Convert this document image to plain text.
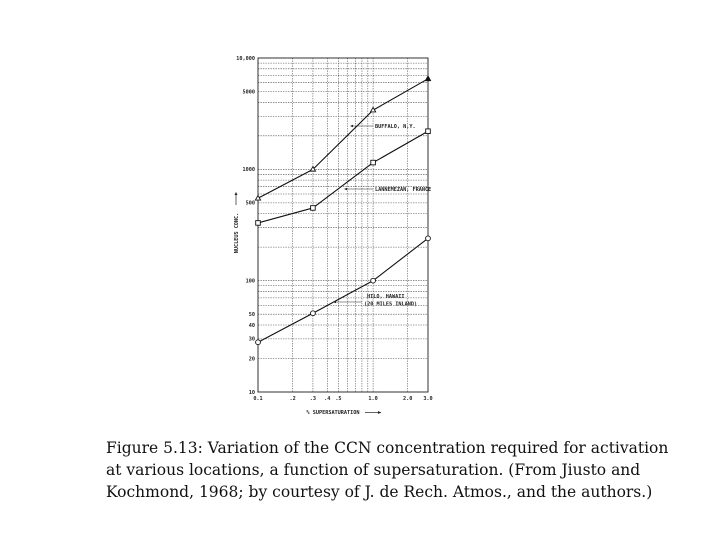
10
20
30
40
50
100
500
1000
5000
10,000
0.1	.2	.3 .4 .5	1.0	2.0 3.0
% SUPERSATURATION
NUCLEUS CONC.
BUFFALO, N.Y.
LANNEMEZAN, FRANCE
HILO, HAWAII
(20 MILES INLAND)
Figure 5.13: Variation of the CCN concentration required for activation
at various locations, a function of supersaturation. (From Jiusto and
Kochmond, 1968; by courtesy of J. de Rech. Atmos., and the authors.)
